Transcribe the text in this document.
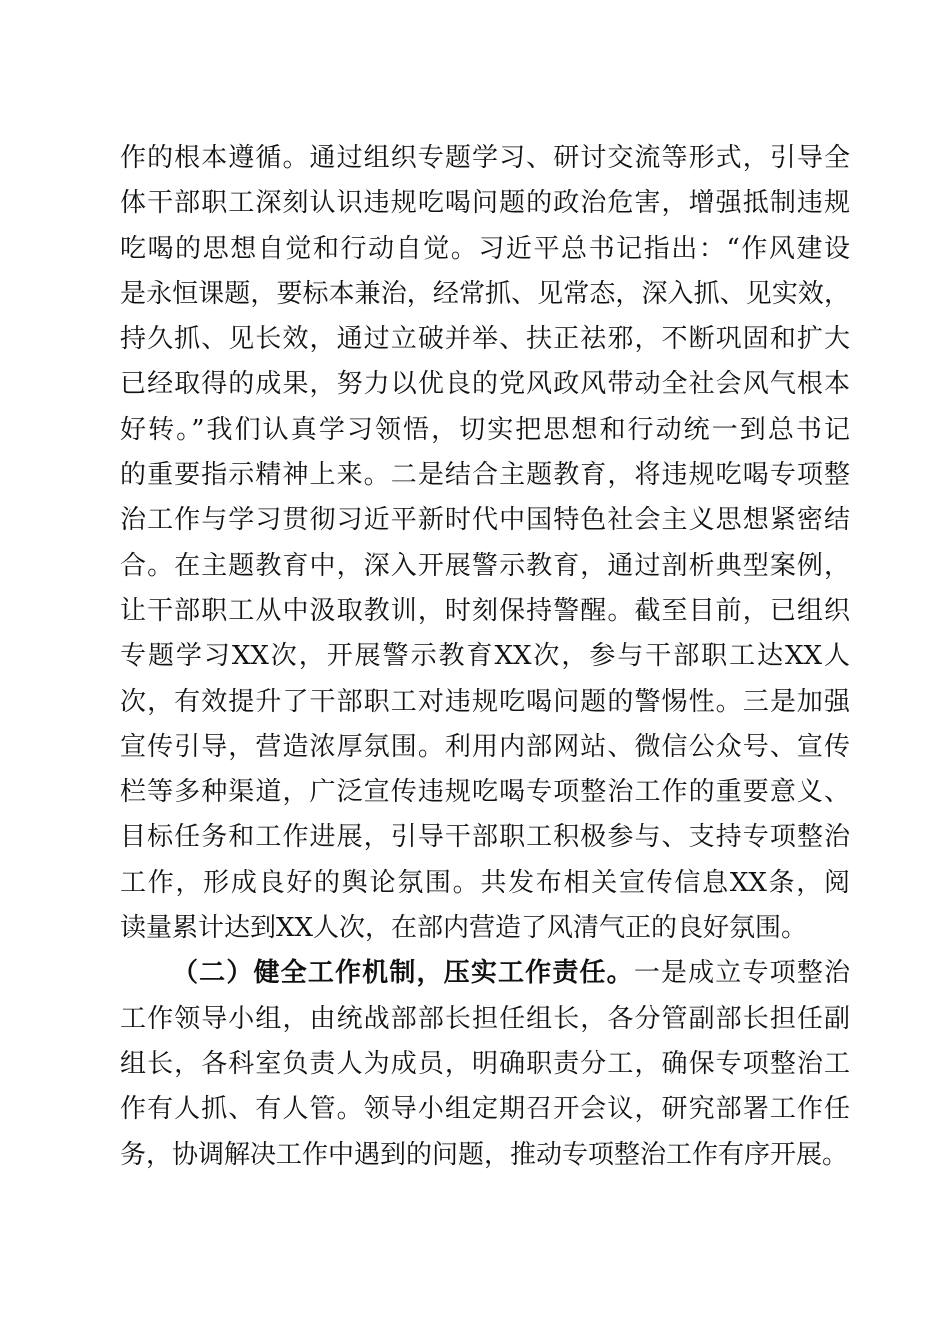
作的根本遵循。通过组织专题学习、研讨交流等形式，引导全
体干部职工深刻认识违规吃喝问题的政治危害，增强抵制违规
吃喝的思想自觉和行动自觉。习近平总书记指出：“作风建设
是永恒课题，要标本兼治，经常抓、见常态，深入抓、见实效，
持久抓、见长效，通过立破并举、扶正祛邪，不断巩固和扩大
已经取得的成果，努力以优良的党风政风带动全社会风气根本
好转。”我们认真学习领悟，切实把思想和行动统一到总书记
的重要指示精神上来。二是结合主题教育，将违规吃喝专项整
治工作与学习贯彻习近平新时代中国特色社会主义思想紧密结
合。在主题教育中，深入开展警示教育，通过剖析典型案例，
让干部职工从中汲取教训，时刻保持警醒。截至目前，已组织
专题学习XX次，开展警示教育XX次，参与干部职工达XX人
次，有效提升了干部职工对违规吃喝问题的警惕性。三是加强
宣传引导，营造浓厚氛围。利用内部网站、微信公众号、宣传
栏等多种渠道，广泛宣传违规吃喝专项整治工作的重要意义、
目标任务和工作进展，引导干部职工积极参与、支持专项整治
工作，形成良好的舆论氛围。共发布相关宣传信息XX条，阅
读量累计达到XX人次，在部内营造了风清气正的良好氛围。
（二）健全工作机制，压实工作责任。一是成立专项整治
工作领导小组，由统战部部长担任组长，各分管副部长担任副
组长，各科室负责人为成员，明确职责分工，确保专项整治工
作有人抓、有人管。领导小组定期召开会议，研究部署工作任
务，协调解决工作中遇到的问题，推动专项整治工作有序开展。
